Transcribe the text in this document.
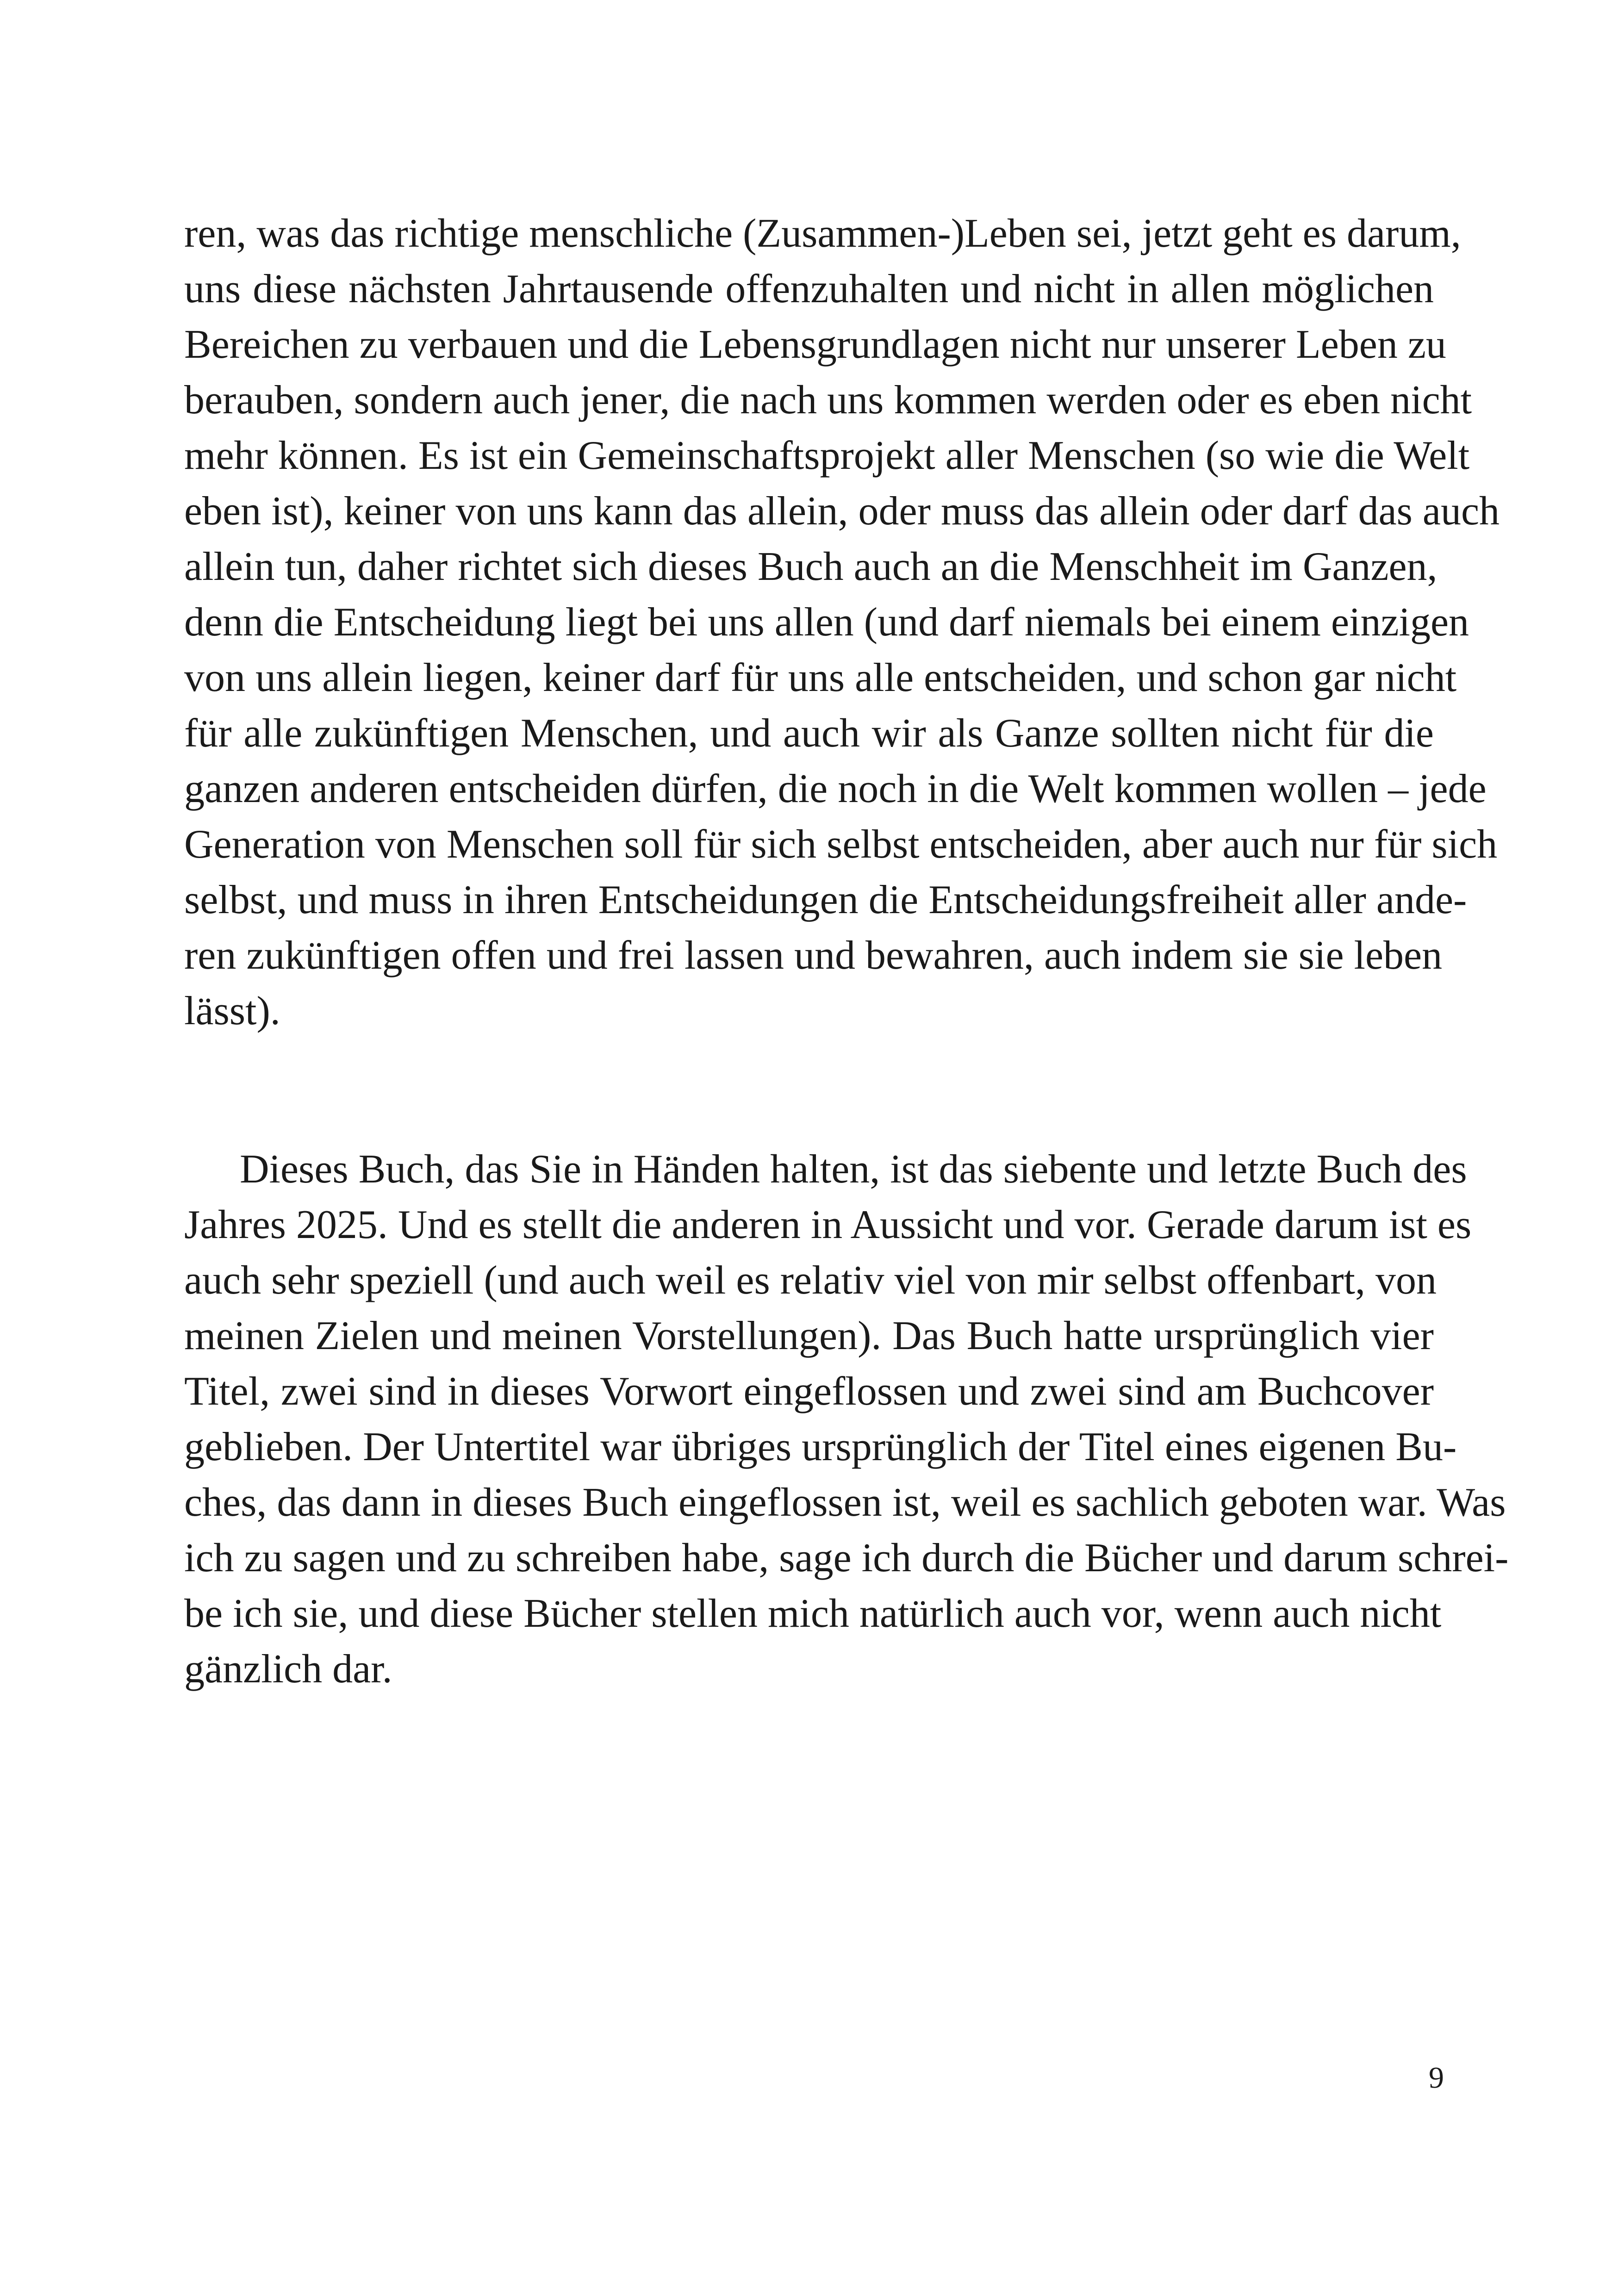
ren, was das richtige menschliche (Zusammen-)Leben sei, jetzt geht es darum,
uns diese nächsten Jahrtausende offenzuhalten und nicht in allen möglichen
Bereichen zu verbauen und die Lebensgrundlagen nicht nur unserer Leben zu
berauben, sondern auch jener, die nach uns kommen werden oder es eben nicht
mehr können. Es ist ein Gemeinschaftsprojekt aller Menschen (so wie die Welt
eben ist), keiner von uns kann das allein, oder muss das allein oder darf das auch
allein tun, daher richtet sich dieses Buch auch an die Menschheit im Ganzen,
denn die Entscheidung liegt bei uns allen (und darf niemals bei einem einzigen
von uns allein liegen, keiner darf für uns alle entscheiden, und schon gar nicht
für alle zukünftigen Menschen, und auch wir als Ganze sollten nicht für die
ganzen anderen entscheiden dürfen, die noch in die Welt kommen wollen – jede
Generation von Menschen soll für sich selbst entscheiden, aber auch nur für sich
selbst, und muss in ihren Entscheidungen die Entscheidungsfreiheit aller ande-
ren zukünftigen offen und frei lassen und bewahren, auch indem sie sie leben
lässt).
Dieses Buch, das Sie in Händen halten, ist das siebente und letzte Buch des
Jahres 2025. Und es stellt die anderen in Aussicht und vor. Gerade darum ist es
auch sehr speziell (und auch weil es relativ viel von mir selbst offenbart, von
meinen Zielen und meinen Vorstellungen). Das Buch hatte ursprünglich vier
Titel, zwei sind in dieses Vorwort eingeflossen und zwei sind am Buchcover
geblieben. Der Untertitel war übriges ursprünglich der Titel eines eigenen Bu-
ches, das dann in dieses Buch eingeflossen ist, weil es sachlich geboten war. Was
ich zu sagen und zu schreiben habe, sage ich durch die Bücher und darum schrei-
be ich sie, und diese Bücher stellen mich natürlich auch vor, wenn auch nicht
gänzlich dar.
9
